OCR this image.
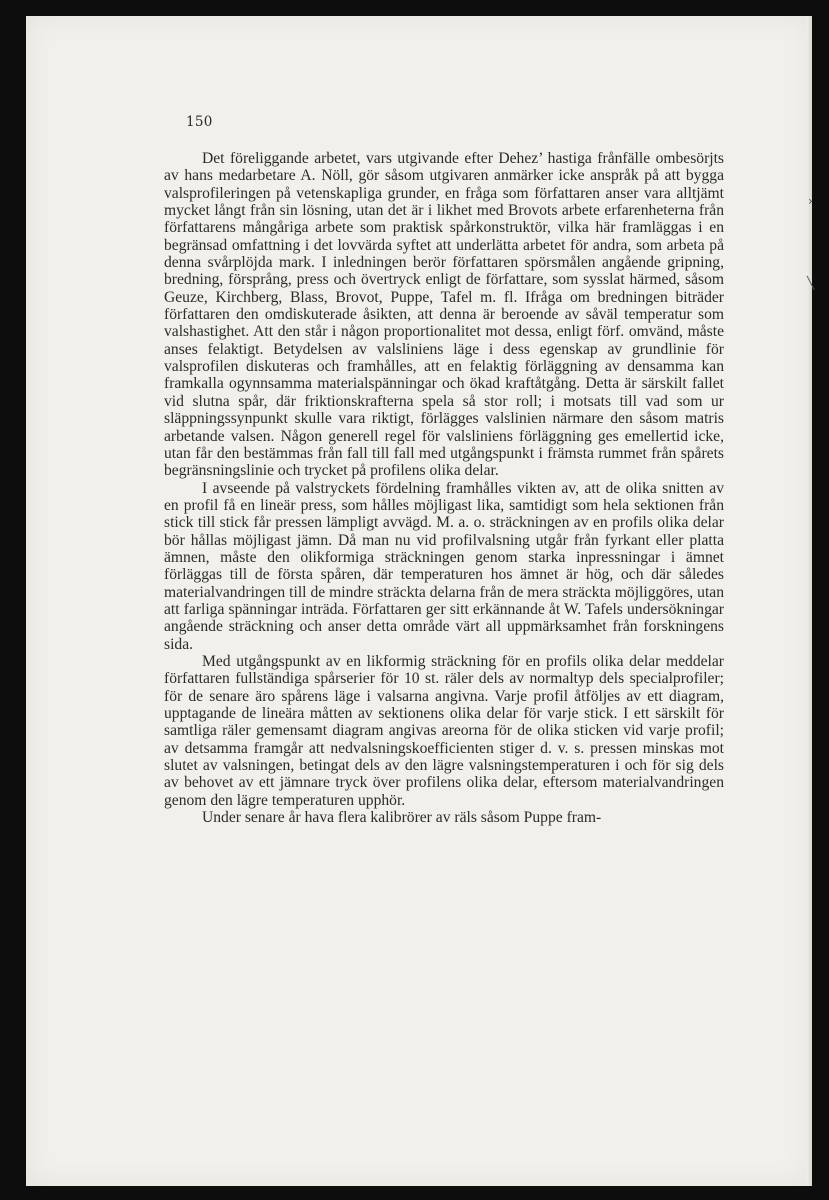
150

Det föreliggande arbetet, vars utgivande efter Dehez’ hastiga frånfälle ombesörjts av hans medarbetare A. Nöll, gör såsom utgivaren anmärker icke anspråk på att bygga valsprofileringen på vetenskapliga grunder, en fråga som författaren anser vara alltjämt mycket långt från sin lösning, utan det är i likhet med Brovots arbete erfarenheterna från författarens mångåriga arbete som praktisk spårkonstruktör, vilka här framläggas i en begränsad omfattning i det lovvärda syftet att underlätta arbetet för andra, som arbeta på denna svårplöjda mark. I inledningen berör författaren spörsmålen angående gripning, bredning, försprång, press och övertryck enligt de författare, som sysslat härmed, såsom Geuze, Kirchberg, Blass, Brovot, Puppe, Tafel m. fl. Ifråga om bredningen biträder författaren den omdiskuterade åsikten, att denna är beroende av såväl temperatur som valshastighet. Att den står i någon proportionalitet mot dessa, enligt förf. omvänd, måste anses felaktigt. Betydelsen av valsliniens läge i dess egenskap av grundlinie för valsprofilen diskuteras och framhålles, att en felaktig förläggning av densamma kan framkalla ogynnsamma materialspänningar och ökad kraftåtgång. Detta är särskilt fallet vid slutna spår, där friktionskrafterna spela så stor roll; i motsats till vad som ur släppningssynpunkt skulle vara riktigt, förlägges valslinien närmare den såsom matris arbetande valsen. Någon generell regel för valsliniens förläggning ges emellertid icke, utan får den bestämmas från fall till fall med utgångspunkt i främsta rummet från spårets begränsningslinie och trycket på profilens olika delar.

I avseende på valstryckets fördelning framhålles vikten av, att de olika snitten av en profil få en lineär press, som hålles möjligast lika, samtidigt som hela sektionen från stick till stick får pressen lämpligt avvägd. M. a. o. sträckningen av en profils olika delar bör hållas möjligast jämn. Då man nu vid profilvalsning utgår från fyrkant eller platta ämnen, måste den olikformiga sträckningen genom starka inpressningar i ämnet förläggas till de första spåren, där temperaturen hos ämnet är hög, och där således materialvandringen till de mindre sträckta delarna från de mera sträckta möjliggöres, utan att farliga spänningar inträda. Författaren ger sitt erkännande åt W. Tafels undersökningar angående sträckning och anser detta område värt all uppmärksamhet från forskningens sida.

Med utgångspunkt av en likformig sträckning för en profils olika delar meddelar författaren fullständiga spårserier för 10 st. räler dels av normaltyp dels specialprofiler; för de senare äro spårens läge i valsarna angivna. Varje profil åtföljes av ett diagram, upptagande de lineära måtten av sektionens olika delar för varje stick. I ett särskilt för samtliga räler gemensamt diagram angivas areorna för de olika sticken vid varje profil; av detsamma framgår att nedvalsningskoefficienten stiger d. v. s. pressen minskas mot slutet av valsningen, betingat dels av den lägre valsningstemperaturen i och för sig dels av behovet av ett jämnare tryck över profilens olika delar, eftersom materialvandringen genom den lägre temperaturen upphör.

Under senare år hava flera kalibrörer av räls såsom Puppe fram-

›
╲
